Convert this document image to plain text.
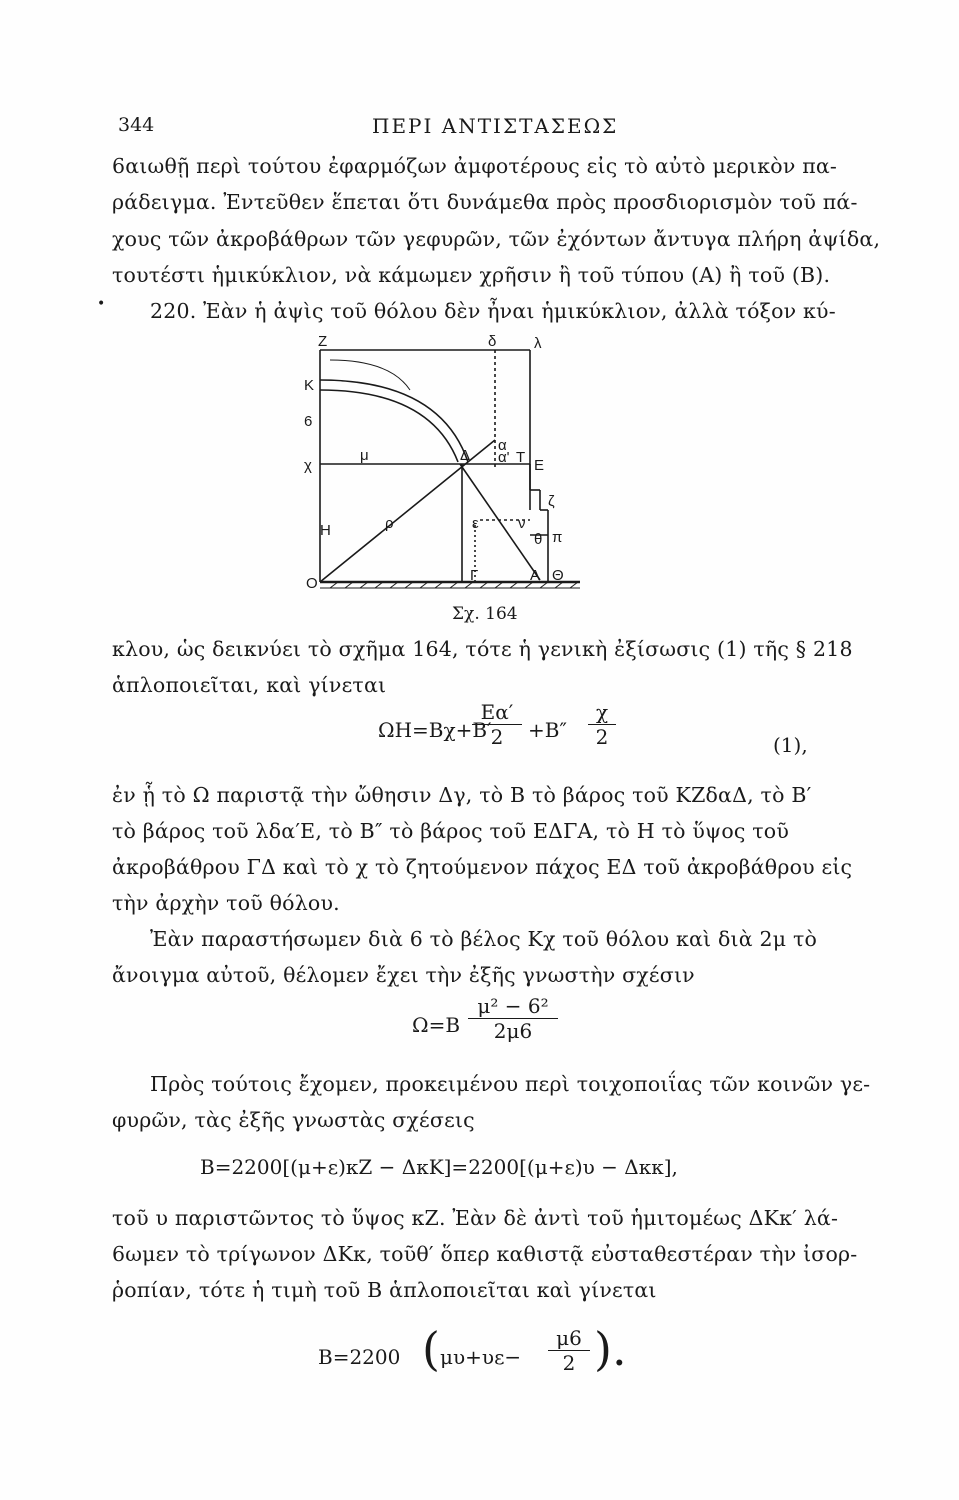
344	ΠΕΡΙ ΑΝΤΙΣΤΑΣΕΩΣ
•
6αιωθῇ περὶ τούτου ἐφαρμόζων ἀμφοτέρους εἰς τὸ αὐτὸ μερικὸν πα-
ράδειγμα. Ἐντεῦθεν ἕπεται ὅτι δυνάμεθα πρὸς προσδιορισμὸν τοῦ πά-
χους τῶν ἀκροβάθρων τῶν γεφυρῶν, τῶν ἐχόντων ἄντυγα πλήρη ἀψίδα,
τουτέστι ἡμικύκλιον, νὰ κάμωμεν χρῆσιν ἢ τοῦ τύπου (Α) ἢ τοῦ (Β).
220. Ἐὰν ἡ ἀψὶς τοῦ θόλου δὲν ἦναι ἡμικύκλιον, ἀλλὰ τόξον κύ-
Z	δ	λ
K
6
χ
μ	Δ
α
α' T E
ζ
ε	ν
H	ρ
θ π
O	Γ	A Θ
Σχ. 164
κλου, ὡς δεικνύει τὸ σχῆμα 164, τότε ἡ γενικὴ ἐξίσωσις (1) τῆς § 218
ἁπλοποιεῖται, καὶ γίνεται
ΩΗ=Βχ+Β′
$\frac{E\alpha'}{2} +B'' \frac{\chi}{2}$	(1),
ἐν ᾗ τὸ Ω παριστᾷ τὴν ὤθησιν Δγ, τὸ Β τὸ βάρος τοῦ ΚΖδαΔ, τὸ Β′
τὸ βάρος τοῦ λδα′Ε, τὸ Β″ τὸ βάρος τοῦ ΕΔΓΑ, τὸ Η τὸ ὕψος τοῦ
ἀκροβάθρου ΓΔ καὶ τὸ χ τὸ ζητούμενον πάχος ΕΔ τοῦ ἀκροβάθρου εἰς
τὴν ἀρχὴν τοῦ θόλου.
Ἐὰν παραστήσωμεν διὰ 6 τὸ βέλος Κχ τοῦ θόλου καὶ διὰ 2μ τὸ
ἄνοιγμα αὐτοῦ, θέλομεν ἔχει τὴν ἐξῆς γνωστὴν σχέσιν
$\Omega=B \frac{\text{μ² − 6²}}{2\mu 6}$
Πρὸς τούτοις ἔχομεν, προκειμένου περὶ τοιχοποιΐας τῶν κοινῶν γε-
φυρῶν, τὰς ἐξῆς γνωστὰς σχέσεις
Β=2200[(μ+ε)κΖ − ΔκΚ]=2200[(μ+ε)υ − Δκκ],
τοῦ υ παριστῶντος τὸ ὕψος κΖ. Ἐὰν δὲ ἀντὶ τοῦ ἡμιτομέως ΔΚκ′ λά-
6ωμεν τὸ τρίγωνον ΔΚκ, τοῦθ′ ὅπερ καθιστᾷ εὐσταθεστέραν τὴν ἰσορ-
ῥοπίαν, τότε ἡ τιμὴ τοῦ Β ἁπλοποιεῖται καὶ γίνεται
Β=2200 ( $\mu\upsilon+\upsilon\varepsilon- \frac{\mu 6}{2}$ ).
